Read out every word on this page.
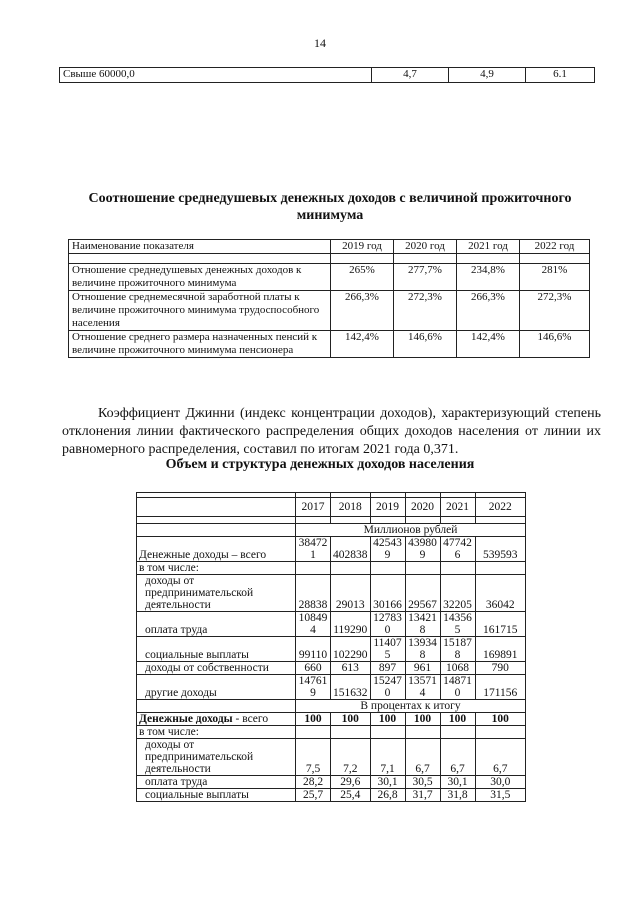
14
Свыше 60000,0	4,7	4,9	6.1
Соотношение среднедушевых денежных доходов с величиной прожиточного минимума
Наименование показателя	2019 год	2020 год	2021 год	2022 год

Отношение среднедушевых денежных доходов к величине прожиточного минимума	265%	277,7%	234,8%	281%
Отношение среднемесячной заработной платы к величине прожиточного минимума трудоспособного населения	266,3%	272,3%	266,3%	272,3%
Отношение среднего размера назначенных пенсий к величине прожиточного минимума пенсионера	142,4%	146,6%	142,4%	146,6%
Коэффициент Джинни (индекс концентрации доходов), характеризующий степень отклонения линии фактического распределения общих доходов населения от линии их равномерного распределения, составил по итогам 2021 года 0,371.
Объем и структура денежных доходов населения

	2017	2018	2019	2020	2021	2022

	Миллионов рублей					
Денежные доходы – всего	384721	402838	425439	439809	477426	539593
в том числе:						
доходы от предпринимательской деятельности	28838	29013	30166	29567	32205	36042
оплата труда	108494	119290	127830	134218	143565	161715
социальные выплаты	99110	102290	114075	139348	151878	169891
доходы от собственности	660	613	897	961	1068	790
другие доходы	147619	151632	152470	135714	148710	171156
	В процентах к итогу					
Денежные доходы - всего	100	100	100	100	100	100
в том числе:						
доходы от предпринимательской деятельности	7,5	7,2	7,1	6,7	6,7	6,7
оплата труда	28,2	29,6	30,1	30,5	30,1	30,0
социальные выплаты	25,7	25,4	26,8	31,7	31,8	31,5
